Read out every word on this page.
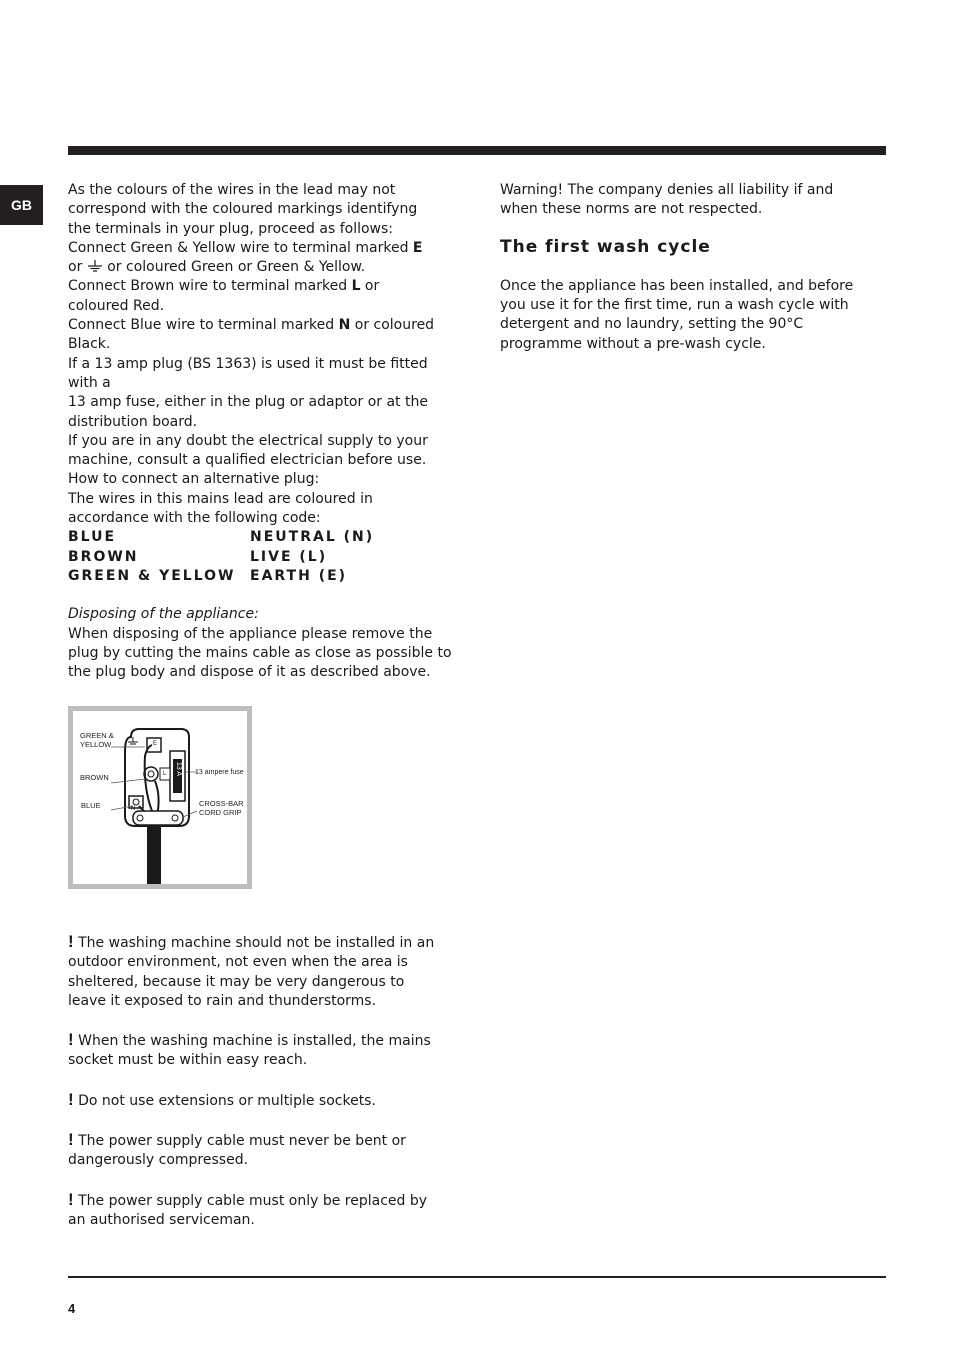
GB
As the colours of the wires in the lead may not
correspond with the coloured markings identifyng
the terminals in your plug, proceed as follows:
Connect Green & Yellow wire to terminal marked E
or  or coloured Green or Green & Yellow.
Connect Brown wire to terminal marked L or
coloured Red.
Connect Blue wire to terminal marked N or coloured
Black.
If a 13 amp plug (BS 1363) is used it must be fitted
with a
13 amp fuse, either in the plug or adaptor or at the
distribution board.
If you are in any doubt the electrical supply to your
machine, consult a qualified electrician before use.
How to connect an alternative plug:
The wires in this mains lead are coloured in
accordance with the following code:
BLUE	NEUTRAL (N)
BROWN	LIVE (L)
GREEN & YELLOW	EARTH (E)
Disposing of the appliance:
When disposing of the appliance please remove the
plug by cutting the mains cable as close as possible to
the plug body and dispose of it as described above.
E
L
N
13 A
GREEN &
YELLOW
BROWN
BLUE
13 ampere fuse
CROSS-BAR
CORD GRIP
! The washing machine should not be installed in an
outdoor environment, not even when the area is
sheltered, because it may be very dangerous to
leave it exposed to rain and thunderstorms.
! When the washing machine is installed, the mains
socket must be within easy reach.
! Do not use extensions or multiple sockets.
! The power supply cable must never be bent or
dangerously compressed.
! The power supply cable must only be replaced by
an authorised serviceman.
Warning! The company denies all liability if and
when these norms are not respected.
The first wash cycle
Once the appliance has been installed, and before
you use it for the first time, run a wash cycle with
detergent and no laundry, setting the 90°C
programme without a pre-wash cycle.
4
